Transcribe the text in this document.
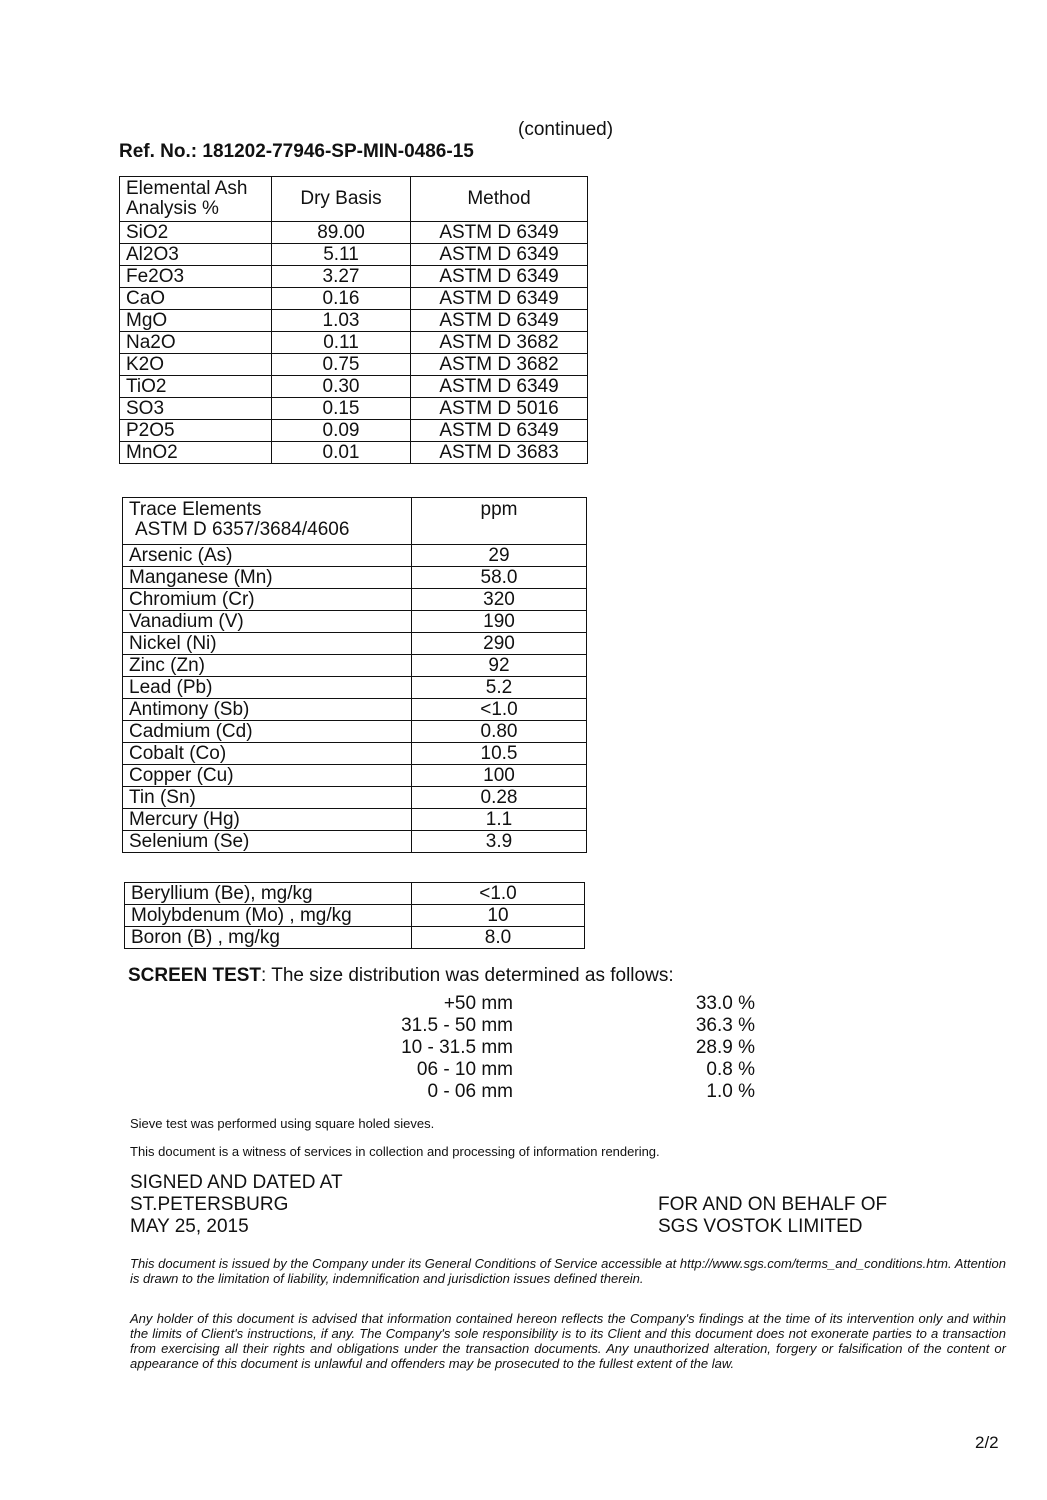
(continued)
Ref. No.: 181202-77946-SP-MIN-0486-15
Elemental Ash Analysis %	Dry Basis	Method
SiO2	89.00	ASTM D 6349
Al2O3	5.11	ASTM D 6349
Fe2O3	3.27	ASTM D 6349
CaO	0.16	ASTM D 6349
MgO	1.03	ASTM D 6349
Na2O	0.11	ASTM D 3682
K2O	0.75	ASTM D 3682
TiO2	0.30	ASTM D 6349
SO3	0.15	ASTM D 5016
P2O5	0.09	ASTM D 6349
MnO2	0.01	ASTM D 3683
Trace Elements
ASTM D 6357/3684/4606	ppm
Arsenic (As)	29
Manganese (Mn)	58.0
Chromium (Cr)	320
Vanadium (V)	190
Nickel (Ni)	290
Zinc (Zn)	92
Lead (Pb)	5.2
Antimony (Sb)	<1.0
Cadmium (Cd)	0.80
Cobalt (Co)	10.5
Copper (Cu)	100
Tin (Sn)	0.28
Mercury (Hg)	1.1
Selenium (Se)	3.9
Beryllium (Be), mg/kg	<1.0
Molybdenum (Mo) , mg/kg	10
Boron (B) , mg/kg	8.0
SCREEN TEST: The size distribution was determined as follows:
+50 mm	33.0 %
31.5 - 50 mm	36.3 %
10 - 31.5 mm	28.9 %
06 - 10 mm	0.8 %
0 - 06 mm	1.0 %
Sieve test was performed using square holed sieves.
This document is a witness of services in collection and processing of information rendering.
SIGNED AND DATED AT
ST.PETERSBURG
MAY 25, 2015
FOR AND ON BEHALF OF
SGS VOSTOK LIMITED
This document is issued by the Company under its General Conditions of Service accessible at http://www.sgs.com/terms_and_conditions.htm. Attention is drawn to the limitation of liability, indemnification and jurisdiction issues defined therein.
Any holder of this document is advised that information contained hereon reflects the Company's findings at the time of its intervention only and within the limits of Client's instructions, if any. The Company's sole responsibility is to its Client and this document does not exonerate parties to a transaction from exercising all their rights and obligations under the transaction documents. Any unauthorized alteration, forgery or falsification of the content or appearance of this document is unlawful and offenders may be prosecuted to the fullest extent of the law.
2/2
